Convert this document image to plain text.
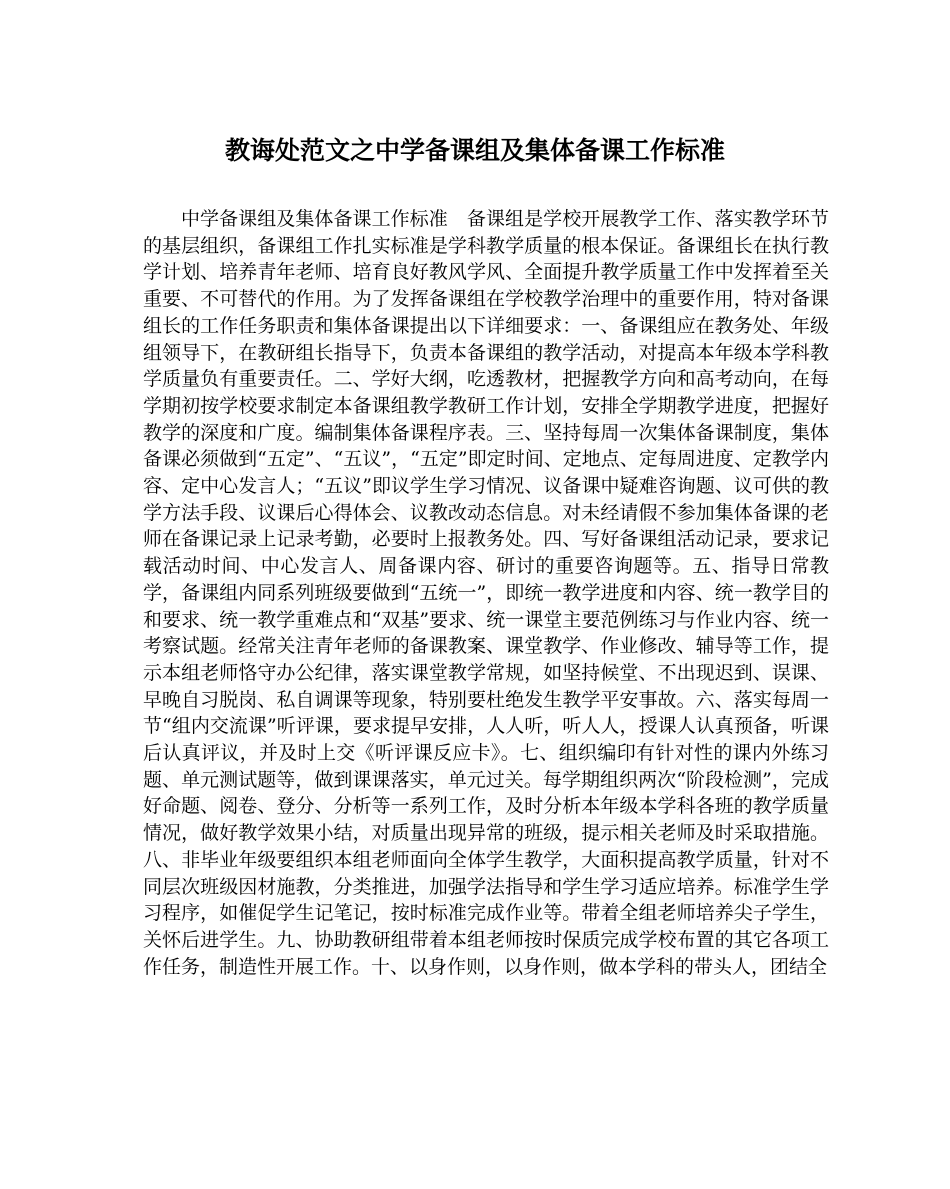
教诲处范文之中学备课组及集体备课工作标准

中学备课组及集体备课工作标准　备课组是学校开展教学工作、落实教学环节的基层组织，备课组工作扎实标准是学科教学质量的根本保证。备课组长在执行教学计划、培养青年老师、培育良好教风学风、全面提升教学质量工作中发挥着至关重要、不可替代的作用。为了发挥备课组在学校教学治理中的重要作用，特对备课组长的工作任务职责和集体备课提出以下详细要求：一、备课组应在教务处、年级组领导下，在教研组长指导下，负责本备课组的教学活动，对提高本年级本学科教学质量负有重要责任。二、学好大纲，吃透教材，把握教学方向和高考动向，在每学期初按学校要求制定本备课组教学教研工作计划，安排全学期教学进度，把握好教学的深度和广度。编制集体备课程序表。三、坚持每周一次集体备课制度，集体备课必须做到“五定”、“五议”，“五定”即定时间、定地点、定每周进度、定教学内容、定中心发言人；“五议”即议学生学习情况、议备课中疑难咨询题、议可供的教学方法手段、议课后心得体会、议教改动态信息。对未经请假不参加集体备课的老师在备课记录上记录考勤，必要时上报教务处。四、写好备课组活动记录，要求记载活动时间、中心发言人、周备课内容、研讨的重要咨询题等。五、指导日常教学，备课组内同系列班级要做到“五统一”，即统一教学进度和内容、统一教学目的和要求、统一教学重难点和“双基”要求、统一课堂主要范例练习与作业内容、统一考察试题。经常关注青年老师的备课教案、课堂教学、作业修改、辅导等工作，提示本组老师恪守办公纪律，落实课堂教学常规，如坚持候堂、不出现迟到、误课、早晚自习脱岗、私自调课等现象，特别要杜绝发生教学平安事故。六、落实每周一节“组内交流课”听评课，要求提早安排，人人听，听人人，授课人认真预备，听课后认真评议，并及时上交《听评课反应卡》。七、组织编印有针对性的课内外练习题、单元测试题等，做到课课落实，单元过关。每学期组织两次“阶段检测”，完成好命题、阅卷、登分、分析等一系列工作，及时分析本年级本学科各班的教学质量情况，做好教学效果小结，对质量出现异常的班级，提示相关老师及时采取措施。八、非毕业年级要组织本组老师面向全体学生教学，大面积提高教学质量，针对不同层次班级因材施教，分类推进，加强学法指导和学生学习适应培养。标准学生学习程序，如催促学生记笔记，按时标准完成作业等。带着全组老师培养尖子学生，关怀后进学生。九、协助教研组带着本组老师按时保质完成学校布置的其它各项工作任务，制造性开展工作。十、以身作则，以身作则，做本学科的带头人，团结全
